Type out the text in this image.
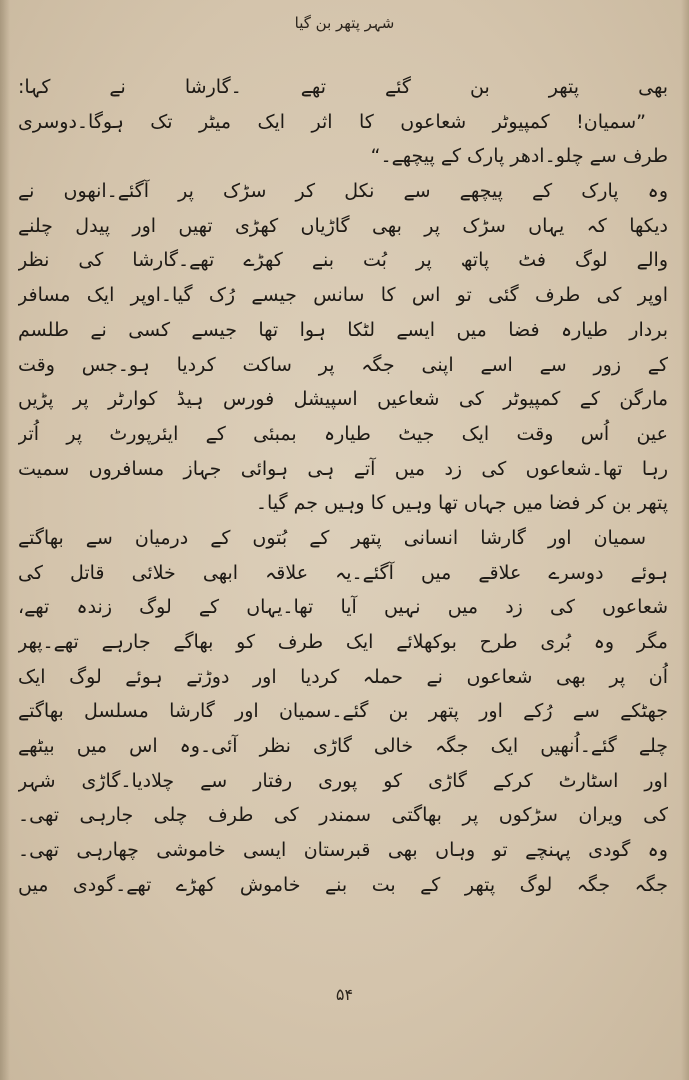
شہر پتھر بن گیا
بھی پتھر بن گئے تھے ۔گارشا نے کہا:
”سمیان! کمپیوٹر شعاعوں کا اثر ایک میٹر تک ہوگا۔دوسری
طرف سے چلو۔ادھر پارک کے پیچھے۔“
وہ پارک کے پیچھے سے نکل کر سڑک پر آگئے۔انھوں نے
دیکھا کہ یہاں سڑک پر بھی گاڑیاں کھڑی تھیں اور پیدل چلنے
والے لوگ فٹ پاتھ پر بُت بنے کھڑے تھے۔گارشا کی نظر
اوپر کی طرف گئی تو اس کا سانس جیسے رُک گیا۔اوپر ایک مسافر
بردار طیارہ فضا میں ایسے لٹکا ہوا تھا جیسے کسی نے طلسم
کے زور سے اسے اپنی جگہ پر ساکت کردیا ہو۔جس وقت
مارگن کے کمپیوٹر کی شعاعیں اسپیشل فورس ہیڈ کوارٹر پر پڑیں
عین اُس وقت ایک جیٹ طیارہ بمبئی کے ایئرپورٹ پر اُتر
رہا تھا۔شعاعوں کی زد میں آتے ہی ہوائی جہاز مسافروں سمیت
پتھر بن کر فضا میں جہاں تھا وہیں کا وہیں جم گیا۔
سمیان اور گارشا انسانی پتھر کے بُتوں کے درمیان سے بھاگتے
ہوئے دوسرے علاقے میں آگئے۔یہ علاقہ ابھی خلائی قاتل کی
شعاعوں کی زد میں نہیں آیا تھا۔یہاں کے لوگ زندہ تھے،
مگر وہ بُری طرح بوکھلائے ایک طرف کو بھاگے جارہے تھے۔پھر
اُن پر بھی شعاعوں نے حملہ کردیا اور دوڑتے ہوئے لوگ ایک
جھٹکے سے رُکے اور پتھر بن گئے۔سمیان اور گارشا مسلسل بھاگتے
چلے گئے۔اُنھیں ایک جگہ خالی گاڑی نظر آئی۔وہ اس میں بیٹھے
اور اسٹارٹ کرکے گاڑی کو پوری رفتار سے چلادیا۔گاڑی شہر
کی ویران سڑکوں پر بھاگتی سمندر کی طرف چلی جارہی تھی۔
وہ گودی پہنچے تو وہاں بھی قبرستان ایسی خاموشی چھارہی تھی۔
جگہ جگہ لوگ پتھر کے بت بنے خاموش کھڑے تھے۔گودی میں
۵۴
